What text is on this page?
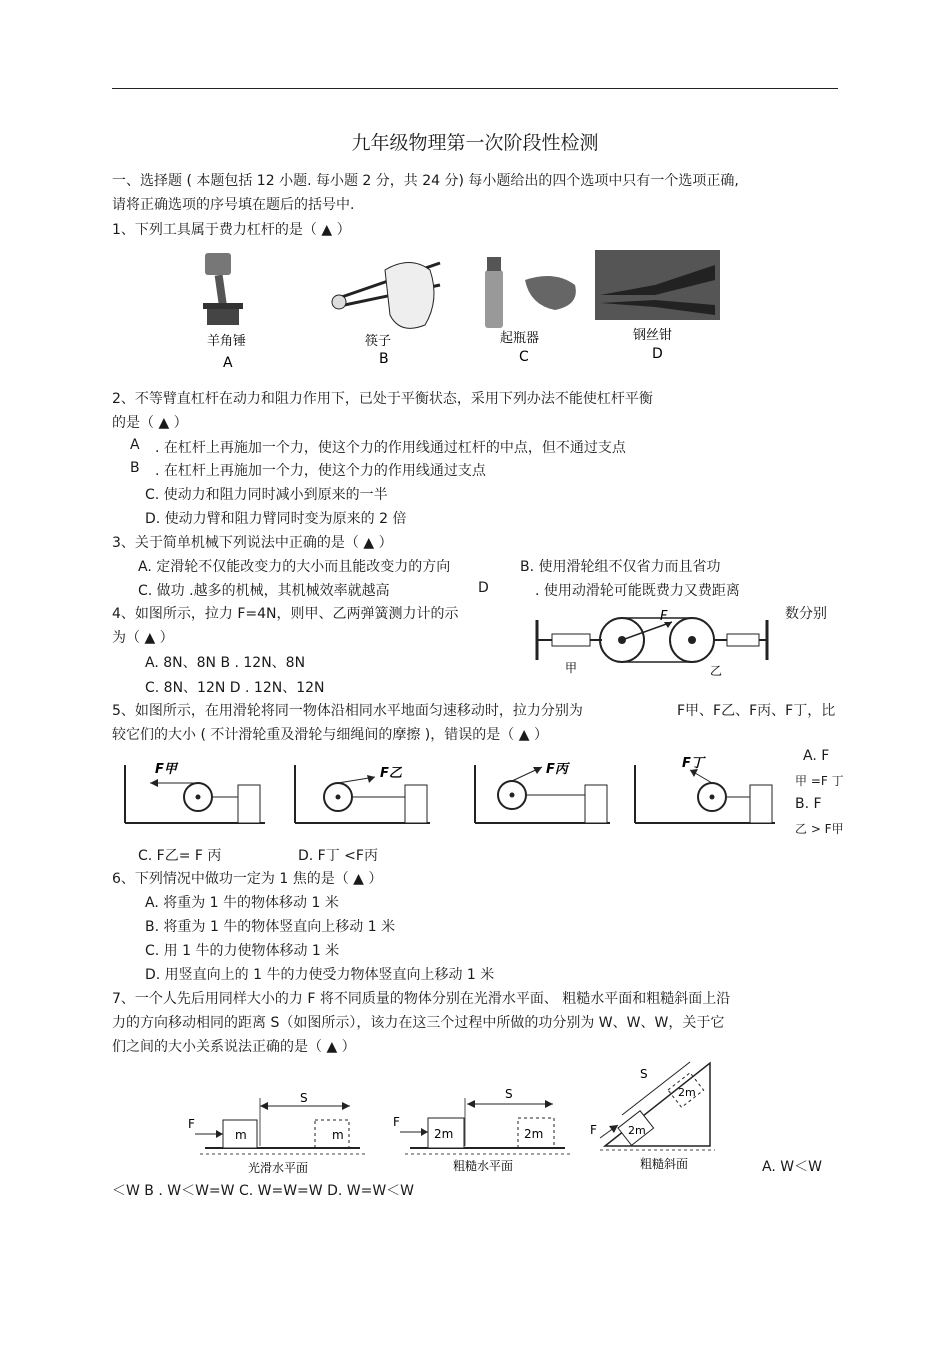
九年级物理第一次阶段性检测
一、选择题 ( 本题包括 12 小题. 每小题 2 分，共 24 分) 每小题给出的四个选项中只有一个选项正确,
请将正确选项的序号填在题后的括号中.
1、下列工具属于费力杠杆的是（ ▲ ）
羊角锤
A
筷子
B
起瓶器
C
钢丝钳
D
2、不等臂直杠杆在动力和阻力作用下，已处于平衡状态，采用下列办法不能使杠杆平衡
的是（ ▲ ）
A . 在杠杆上再施加一个力，使这个力的作用线通过杠杆的中点，但不通过支点
B . 在杠杆上再施加一个力，使这个力的作用线通过支点
C. 使动力和阻力同时减小到原来的一半
D. 使动力臂和阻力臂同时变为原来的 2 倍
3、关于简单机械下列说法中正确的是（ ▲ ）
A. 定滑轮不仅能改变力的大小而且能改变力的方向	B. 使用滑轮组不仅省力而且省功
C. 做功 .越多的机械，其机械效率就越高	D	. 使用动滑轮可能既费力又费距离
4、如图所示，拉力 F=4N，则甲、乙两弹簧测力计的示	数分别
为（ ▲ ）
A. 8N、8N B . 12N、8N
C. 8N、12N D . 12N、12N
F
甲	乙
5、如图所示，在用滑轮将同一物体沿相同水平地面匀速移动时，拉力分别为	F甲、F乙、F丙、F丁，比
较它们的大小 ( 不计滑轮重及滑轮与细绳间的摩擦 )，错误的是（ ▲ ）
A. F
甲 =F 丁
B. F
乙 > F甲
C. F乙= F 丙	D. F丁 <F丙
F甲	F乙	F丙	F丁
6、下列情况中做功一定为 1 焦的是（ ▲ ）
A. 将重为 1 牛的物体移动 1 米
B. 将重为 1 牛的物体竖直向上移动 1 米
C. 用 1 牛的力使物体移动 1 米
D. 用竖直向上的 1 牛的力使受力物体竖直向上移动 1 米
7、一个人先后用同样大小的力 F 将不同质量的物体分别在光滑水平面、 粗糙水平面和粗糙斜面上沿
力的方向移动相同的距离 S（如图所示），该力在这三个过程中所做的功分别为 W、W、W，关于它
们之间的大小关系说法正确的是（ ▲ ）
F
S
m	m
光滑水平面
F
S
2m	2m
粗糙水平面
F
S
2m
2m
粗糙斜面	A. W＜W
＜W B . W＜W=W C. W=W=W D. W=W＜W
